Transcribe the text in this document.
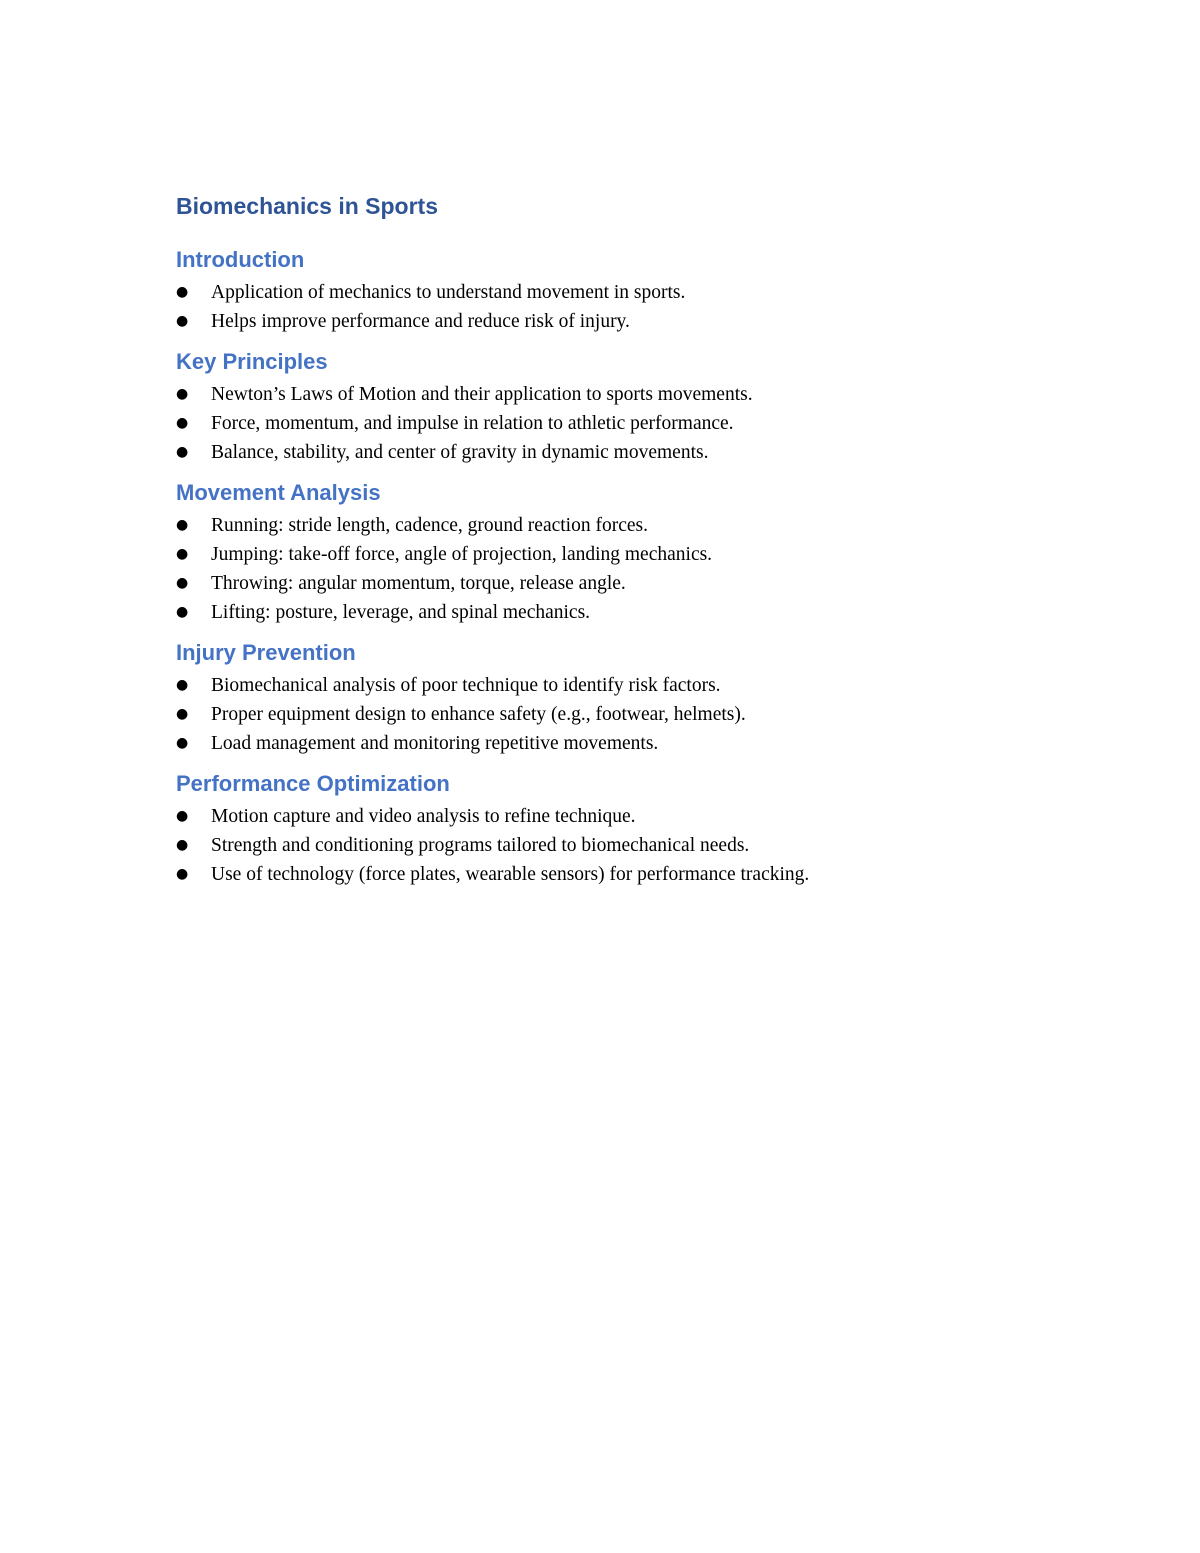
Biomechanics in Sports
Introduction
●	Application of mechanics to understand movement in sports.
●	Helps improve performance and reduce risk of injury.
Key Principles
●	Newton’s Laws of Motion and their application to sports movements.
●	Force, momentum, and impulse in relation to athletic performance.
●	Balance, stability, and center of gravity in dynamic movements.
Movement Analysis
●	Running: stride length, cadence, ground reaction forces.
●	Jumping: take-off force, angle of projection, landing mechanics.
●	Throwing: angular momentum, torque, release angle.
●	Lifting: posture, leverage, and spinal mechanics.
Injury Prevention
●	Biomechanical analysis of poor technique to identify risk factors.
●	Proper equipment design to enhance safety (e.g., footwear, helmets).
●	Load management and monitoring repetitive movements.
Performance Optimization
●	Motion capture and video analysis to refine technique.
●	Strength and conditioning programs tailored to biomechanical needs.
●	Use of technology (force plates, wearable sensors) for performance tracking.
